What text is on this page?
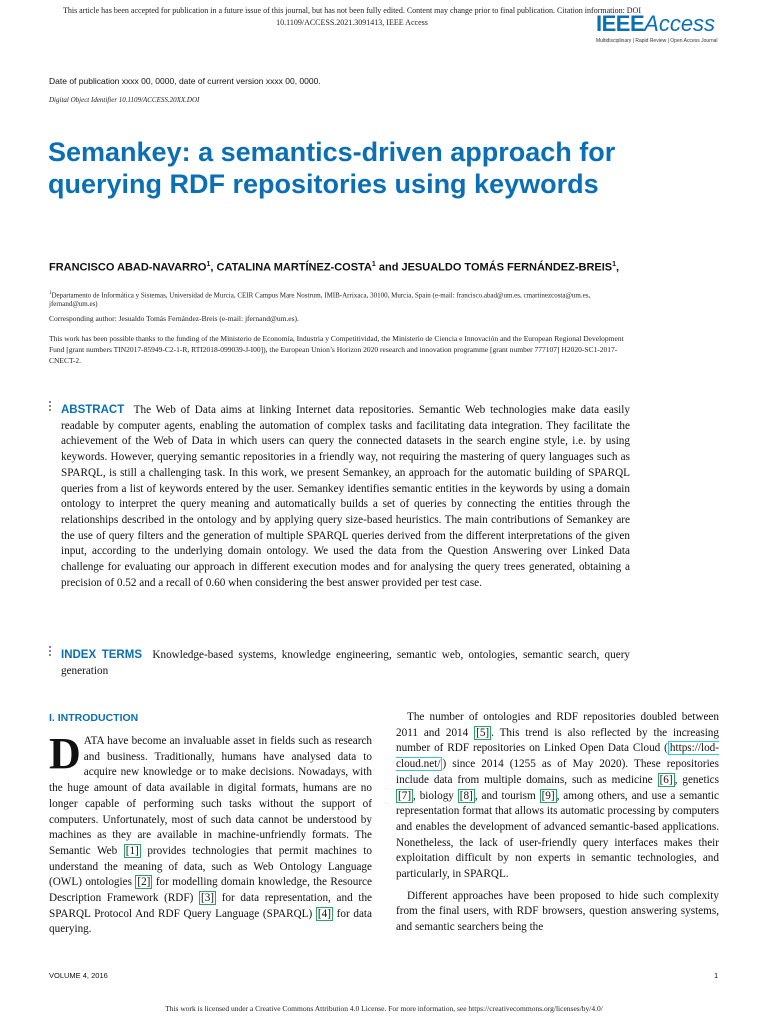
This article has been accepted for publication in a future issue of this journal, but has not been fully edited. Content may change prior to final publication. Citation information: DOI
10.1109/ACCESS.2021.3091413, IEEE Access	IEEEAccess
Multidisciplinary | Rapid Review | Open Access Journal
Date of publication xxxx 00, 0000, date of current version xxxx 00, 0000.
Digital Object Identifier 10.1109/ACCESS.20XX.DOI
Semankey: a semantics-driven approach for querying RDF repositories using keywords
FRANCISCO ABAD-NAVARRO$^1$, CATALINA MARTÍNEZ-COSTA$^1$ and JESUALDO TOMÁS FERNÁNDEZ-BREIS$^1$,
$^1$Departamento de Informática y Sistemas, Universidad de Murcia, CEIR Campus Mare Nostrum, IMIB-Arrixaca, 30100, Murcia, Spain (e-mail: francisco.abad@um.es, cmartinezcosta@um.es, jfernand@um.es)
Corresponding author: Jesualdo Tomás Fernández-Breis (e-mail: jfernand@um.es).
This work has been possible thanks to the funding of the Ministerio de Economía, Industria y Competitividad, the Ministerio de Ciencia e Innovación and the European Regional Development Fund [grant numbers TIN2017-85949-C2-1-R, RTI2018-099039-J-I00]), the European Union’s Horizon 2020 research and innovation programme [grant number 777107] H2020-SC1-2017-CNECT-2.
ABSTRACT The Web of Data aims at linking Internet data repositories. Semantic Web technologies make data easily readable by computer agents, enabling the automation of complex tasks and facilitating data integration. They facilitate the achievement of the Web of Data in which users can query the connected datasets in the search engine style, i.e. by using keywords. However, querying semantic repositories in a friendly way, not requiring the mastering of query languages such as SPARQL, is still a challenging task. In this work, we present Semankey, an approach for the automatic building of SPARQL queries from a list of keywords entered by the user. Semankey identifies semantic entities in the keywords by using a domain ontology to interpret the query meaning and automatically builds a set of queries by connecting the entities through the relationships described in the ontology and by applying query size-based heuristics. The main contributions of Semankey are the use of query filters and the generation of multiple SPARQL queries derived from the different interpretations of the given input, according to the underlying domain ontology. We used the data from the Question Answering over Linked Data challenge for evaluating our approach in different execution modes and for analysing the query trees generated, obtaining a precision of 0.52 and a recall of 0.60 when considering the best answer provided per test case.
INDEX TERMS Knowledge-based systems, knowledge engineering, semantic web, ontologies, semantic search, query generation
I. INTRODUCTION

DATA have become an invaluable asset in fields such as research and business. Traditionally, humans have analysed data to acquire new knowledge or to make decisions. Nowadays, with the huge amount of data available in digital formats, humans are no longer capable of performing such tasks without the support of computers. Unfortunately, most of such data cannot be understood by machines as they are available in machine-unfriendly formats. The Semantic Web [1] provides technologies that permit machines to understand the meaning of data, such as Web Ontology Language (OWL) ontologies [2] for modelling domain knowledge, the Resource Description Framework (RDF) [3] for data representation, and the SPARQL Protocol And RDF Query Language (SPARQL) [4] for data querying.

The number of ontologies and RDF repositories doubled between 2011 and 2014 [5] . This trend is also reflected by the increasing number of RDF repositories on Linked Open Data Cloud ( https://lod-cloud.net/ ) since 2014 (1255 as of May 2020). These repositories include data from multiple domains, such as medicine [6] , genetics [7] , biology [8] , and tourism [9] , among others, and use a semantic representation format that allows its automatic processing by computers and enables the development of advanced semantic-based applications. Nonetheless, the lack of user-friendly query interfaces makes their exploitation difficult by non experts in semantic technologies, and particularly, in SPARQL.

Different approaches have been proposed to hide such complexity from the final users, with RDF browsers, question answering systems, and semantic searchers being the

VOLUME 4, 2016	1
This work is licensed under a Creative Commons Attribution 4.0 License. For more information, see https://creativecommons.org/licenses/by/4.0/
